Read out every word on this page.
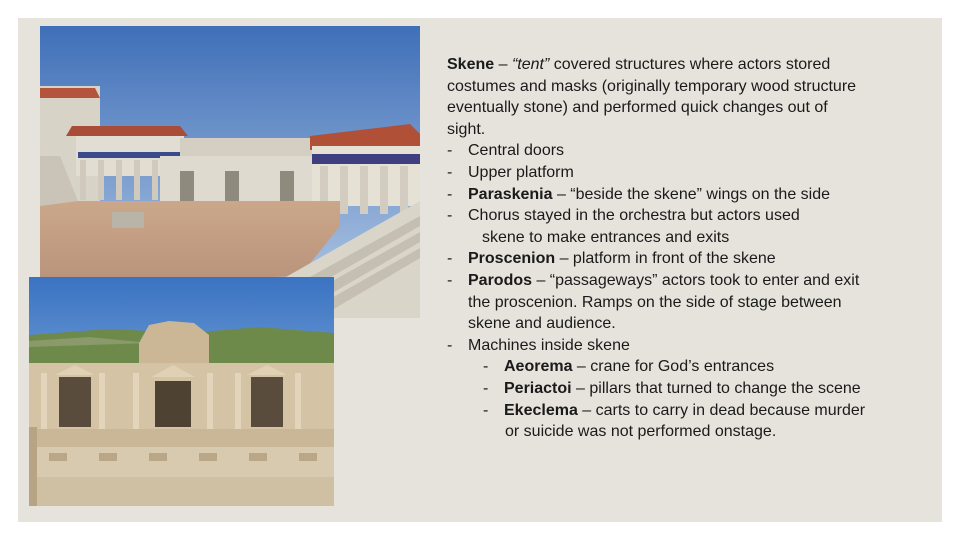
Skene – “tent” covered structures where actors stored
costumes and masks (originally temporary wood structure
eventually stone) and performed quick changes out of
sight.
- Central doors
- Upper platform
- Paraskenia – “beside the skene” wings on the side
- Chorus stayed in the orchestra but actors used
skene to make entrances and exits
- Proscenion – platform in front of the skene
- Parodos – “passageways” actors took to enter and exit
the proscenion. Ramps on the side of stage between
skene and audience.
- Machines inside skene
- Aeorema – crane for God’s entrances
- Periactoi – pillars that turned to change the scene
- Ekeclema – carts to carry in dead because murder
or suicide was not performed onstage.
